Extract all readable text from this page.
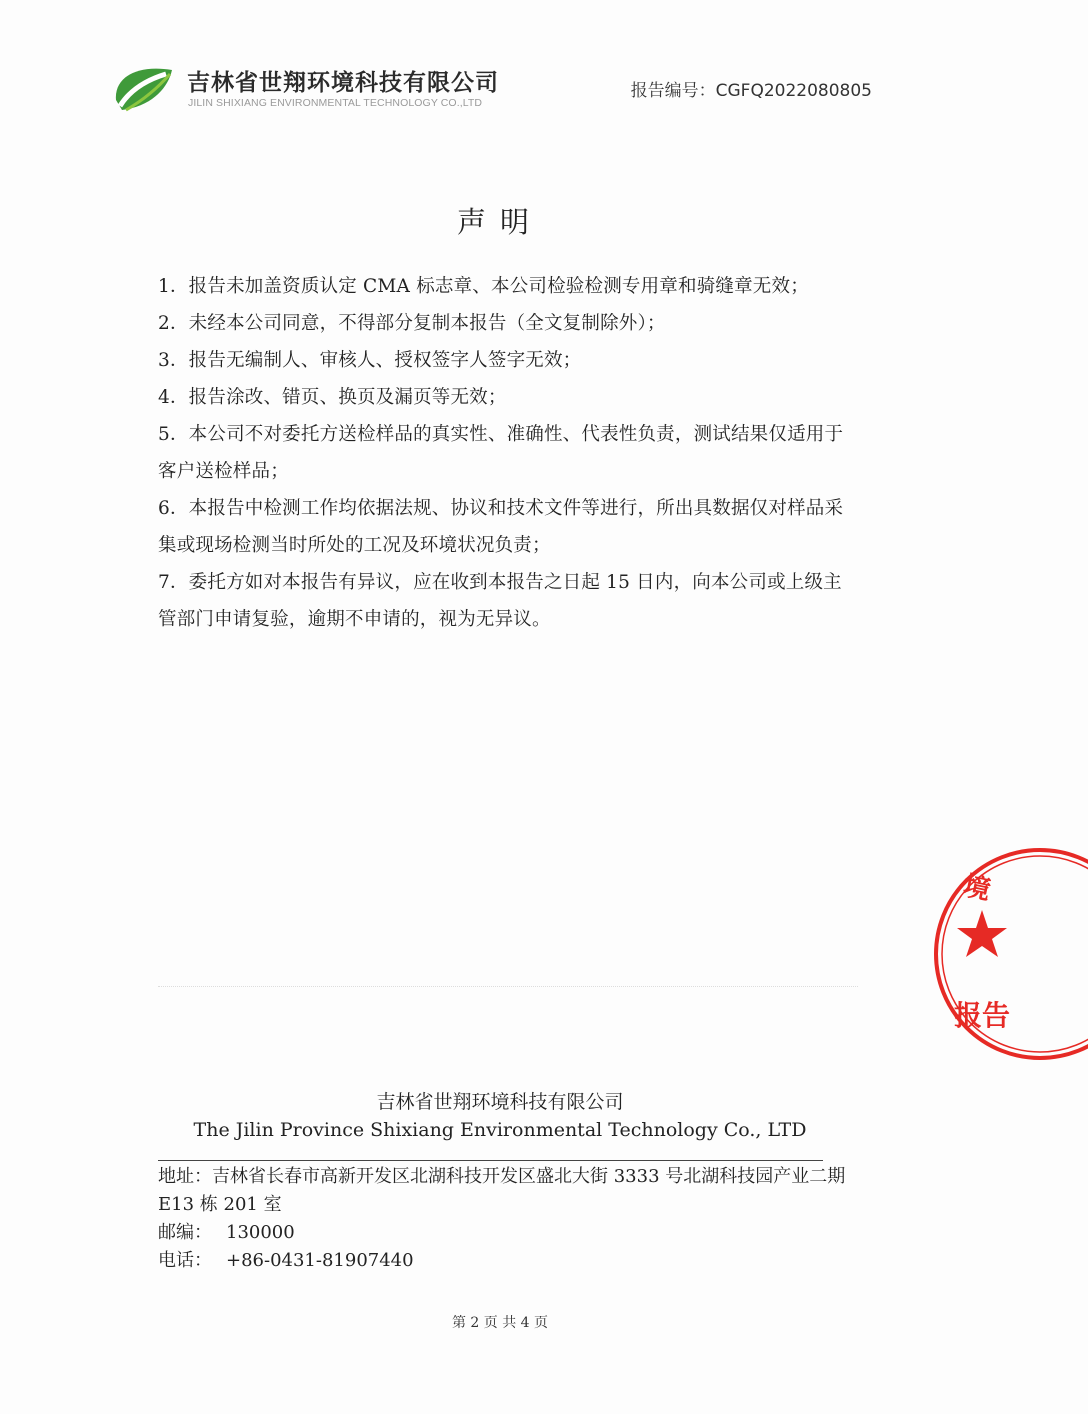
吉林省世翔环境科技有限公司
JILIN SHIXIANG ENVIRONMENTAL TECHNOLOGY CO.,LTD
报告编号：CGFQ2022080805
声明

1．报告未加盖资质认定 CMA 标志章、本公司检验检测专用章和骑缝章无效；

2．未经本公司同意，不得部分复制本报告（全文复制除外）；

3．报告无编制人、审核人、授权签字人签字无效；

4．报告涂改、错页、换页及漏页等无效；

5．本公司不对委托方送检样品的真实性、准确性、代表性负责，测试结果仅适用于客户送检样品；

6．本报告中检测工作均依据法规、协议和技术文件等进行，所出具数据仅对样品采集或现场检测当时所处的工况及环境状况负责；

7．委托方如对本报告有异议，应在收到本报告之日起 15 日内，向本公司或上级主管部门申请复验，逾期不申请的，视为无异议。

境
报告
吉林省世翔环境科技有限公司
The Jilin Province Shixiang Environmental Technology Co., LTD

地址：吉林省长春市高新开发区北湖科技开发区盛北大街 3333 号北湖科技园产业二期 E13 栋 201 室

邮编： 130000

电话： +86-0431-81907440

第 2 页 共 4 页
